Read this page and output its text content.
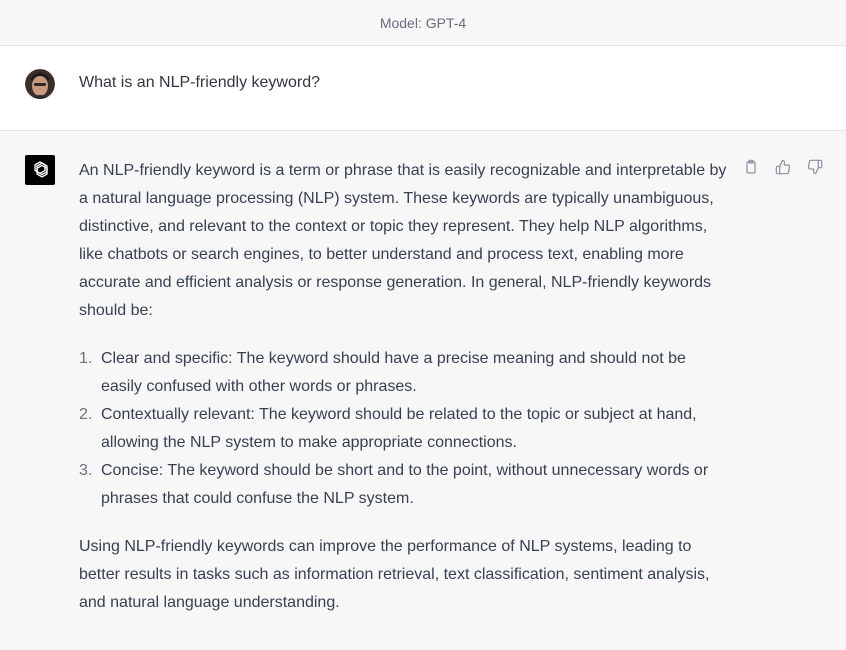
Model: GPT-4
What is an NLP-friendly keyword?

An NLP-friendly keyword is a term or phrase that is easily recognizable and interpretable by a natural language processing (NLP) system. These keywords are typically unambiguous, distinctive, and relevant to the context or topic they represent. They help NLP algorithms, like chatbots or search engines, to better understand and process text, enabling more accurate and efficient analysis or response generation. In general, NLP-friendly keywords should be:

1. Clear and specific: The keyword should have a precise meaning and should not be easily confused with other words or phrases.
2. Contextually relevant: The keyword should be related to the topic or subject at hand, allowing the NLP system to make appropriate connections.
3. Concise: The keyword should be short and to the point, without unnecessary words or phrases that could confuse the NLP system.

Using NLP-friendly keywords can improve the performance of NLP systems, leading to better results in tasks such as information retrieval, text classification, sentiment analysis, and natural language understanding.
